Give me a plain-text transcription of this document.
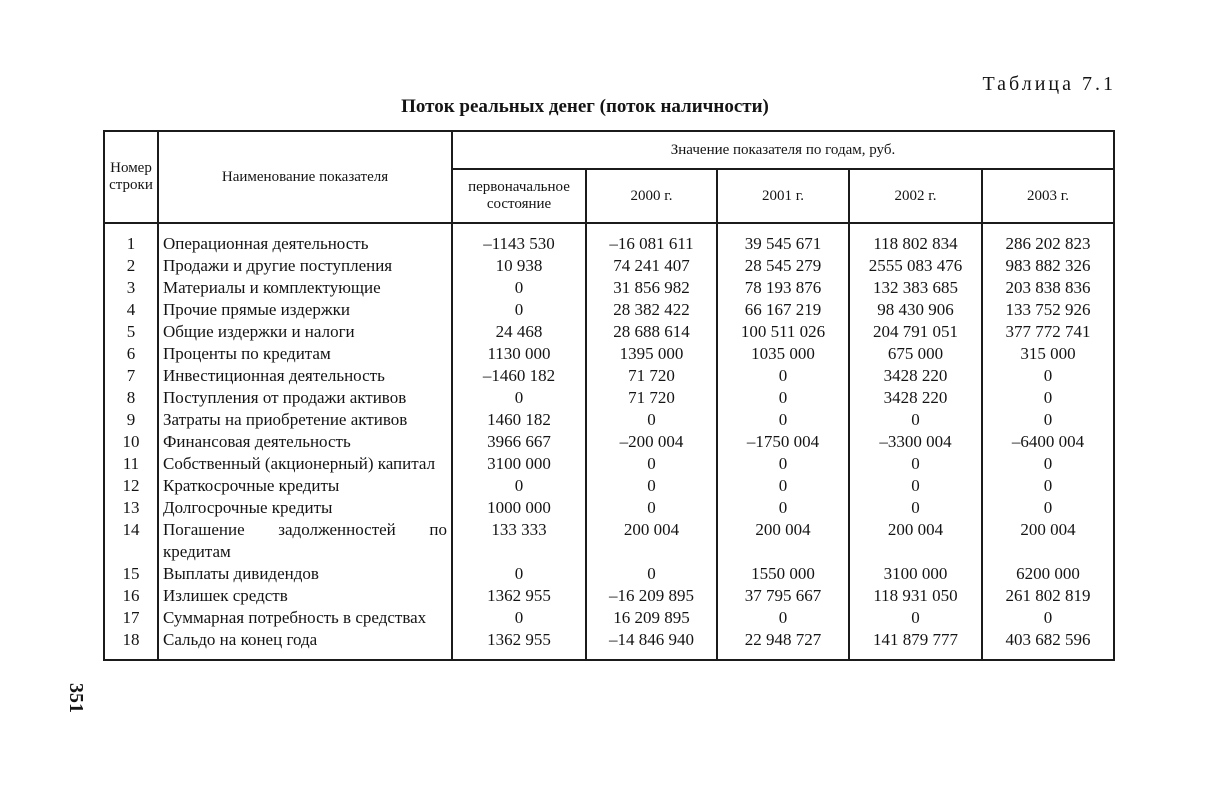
351
Таблица 7.1
Поток реальных денег (поток наличности)
Номер строки	Наименование показателя	Значение показателя по годам, руб.				
		первоначальное состояние	2000 г.	2001 г.	2002 г.	2003 г.
1	Операционная деятельность	–1143 530	–16 081 611	39 545 671	118 802 834	286 202 823
2	Продажи и другие поступления	10 938	74 241 407	28 545 279	2555 083 476	983 882 326
3	Материалы и комплектующие	0	31 856 982	78 193 876	132 383 685	203 838 836
4	Прочие прямые издержки	0	28 382 422	66 167 219	98 430 906	133 752 926
5	Общие издержки и налоги	24 468	28 688 614	100 511 026	204 791 051	377 772 741
6	Проценты по кредитам	1130 000	1395 000	1035 000	675 000	315 000
7	Инвестиционная деятельность	–1460 182	71 720	0	3428 220	0
8	Поступления от продажи активов	0	71 720	0	3428 220	0
9	Затраты на приобретение активов	1460 182	0	0	0	0
10	Финансовая деятельность	3966 667	–200 004	–1750 004	–3300 004	–6400 004
11	Собственный (акционерный) капитал	3100 000	0	0	0	0
12	Краткосрочные кредиты	0	0	0	0	0
13	Долгосрочные кредиты	1000 000	0	0	0	0
14	Погашение задолженностей по кредитам	133 333	200 004	200 004	200 004	200 004
15	Выплаты дивидендов	0	0	1550 000	3100 000	6200 000
16	Излишек средств	1362 955	–16 209 895	37 795 667	118 931 050	261 802 819
17	Суммарная потребность в средствах	0	16 209 895	0	0	0
18	Сальдо на конец года	1362 955	–14 846 940	22 948 727	141 879 777	403 682 596
